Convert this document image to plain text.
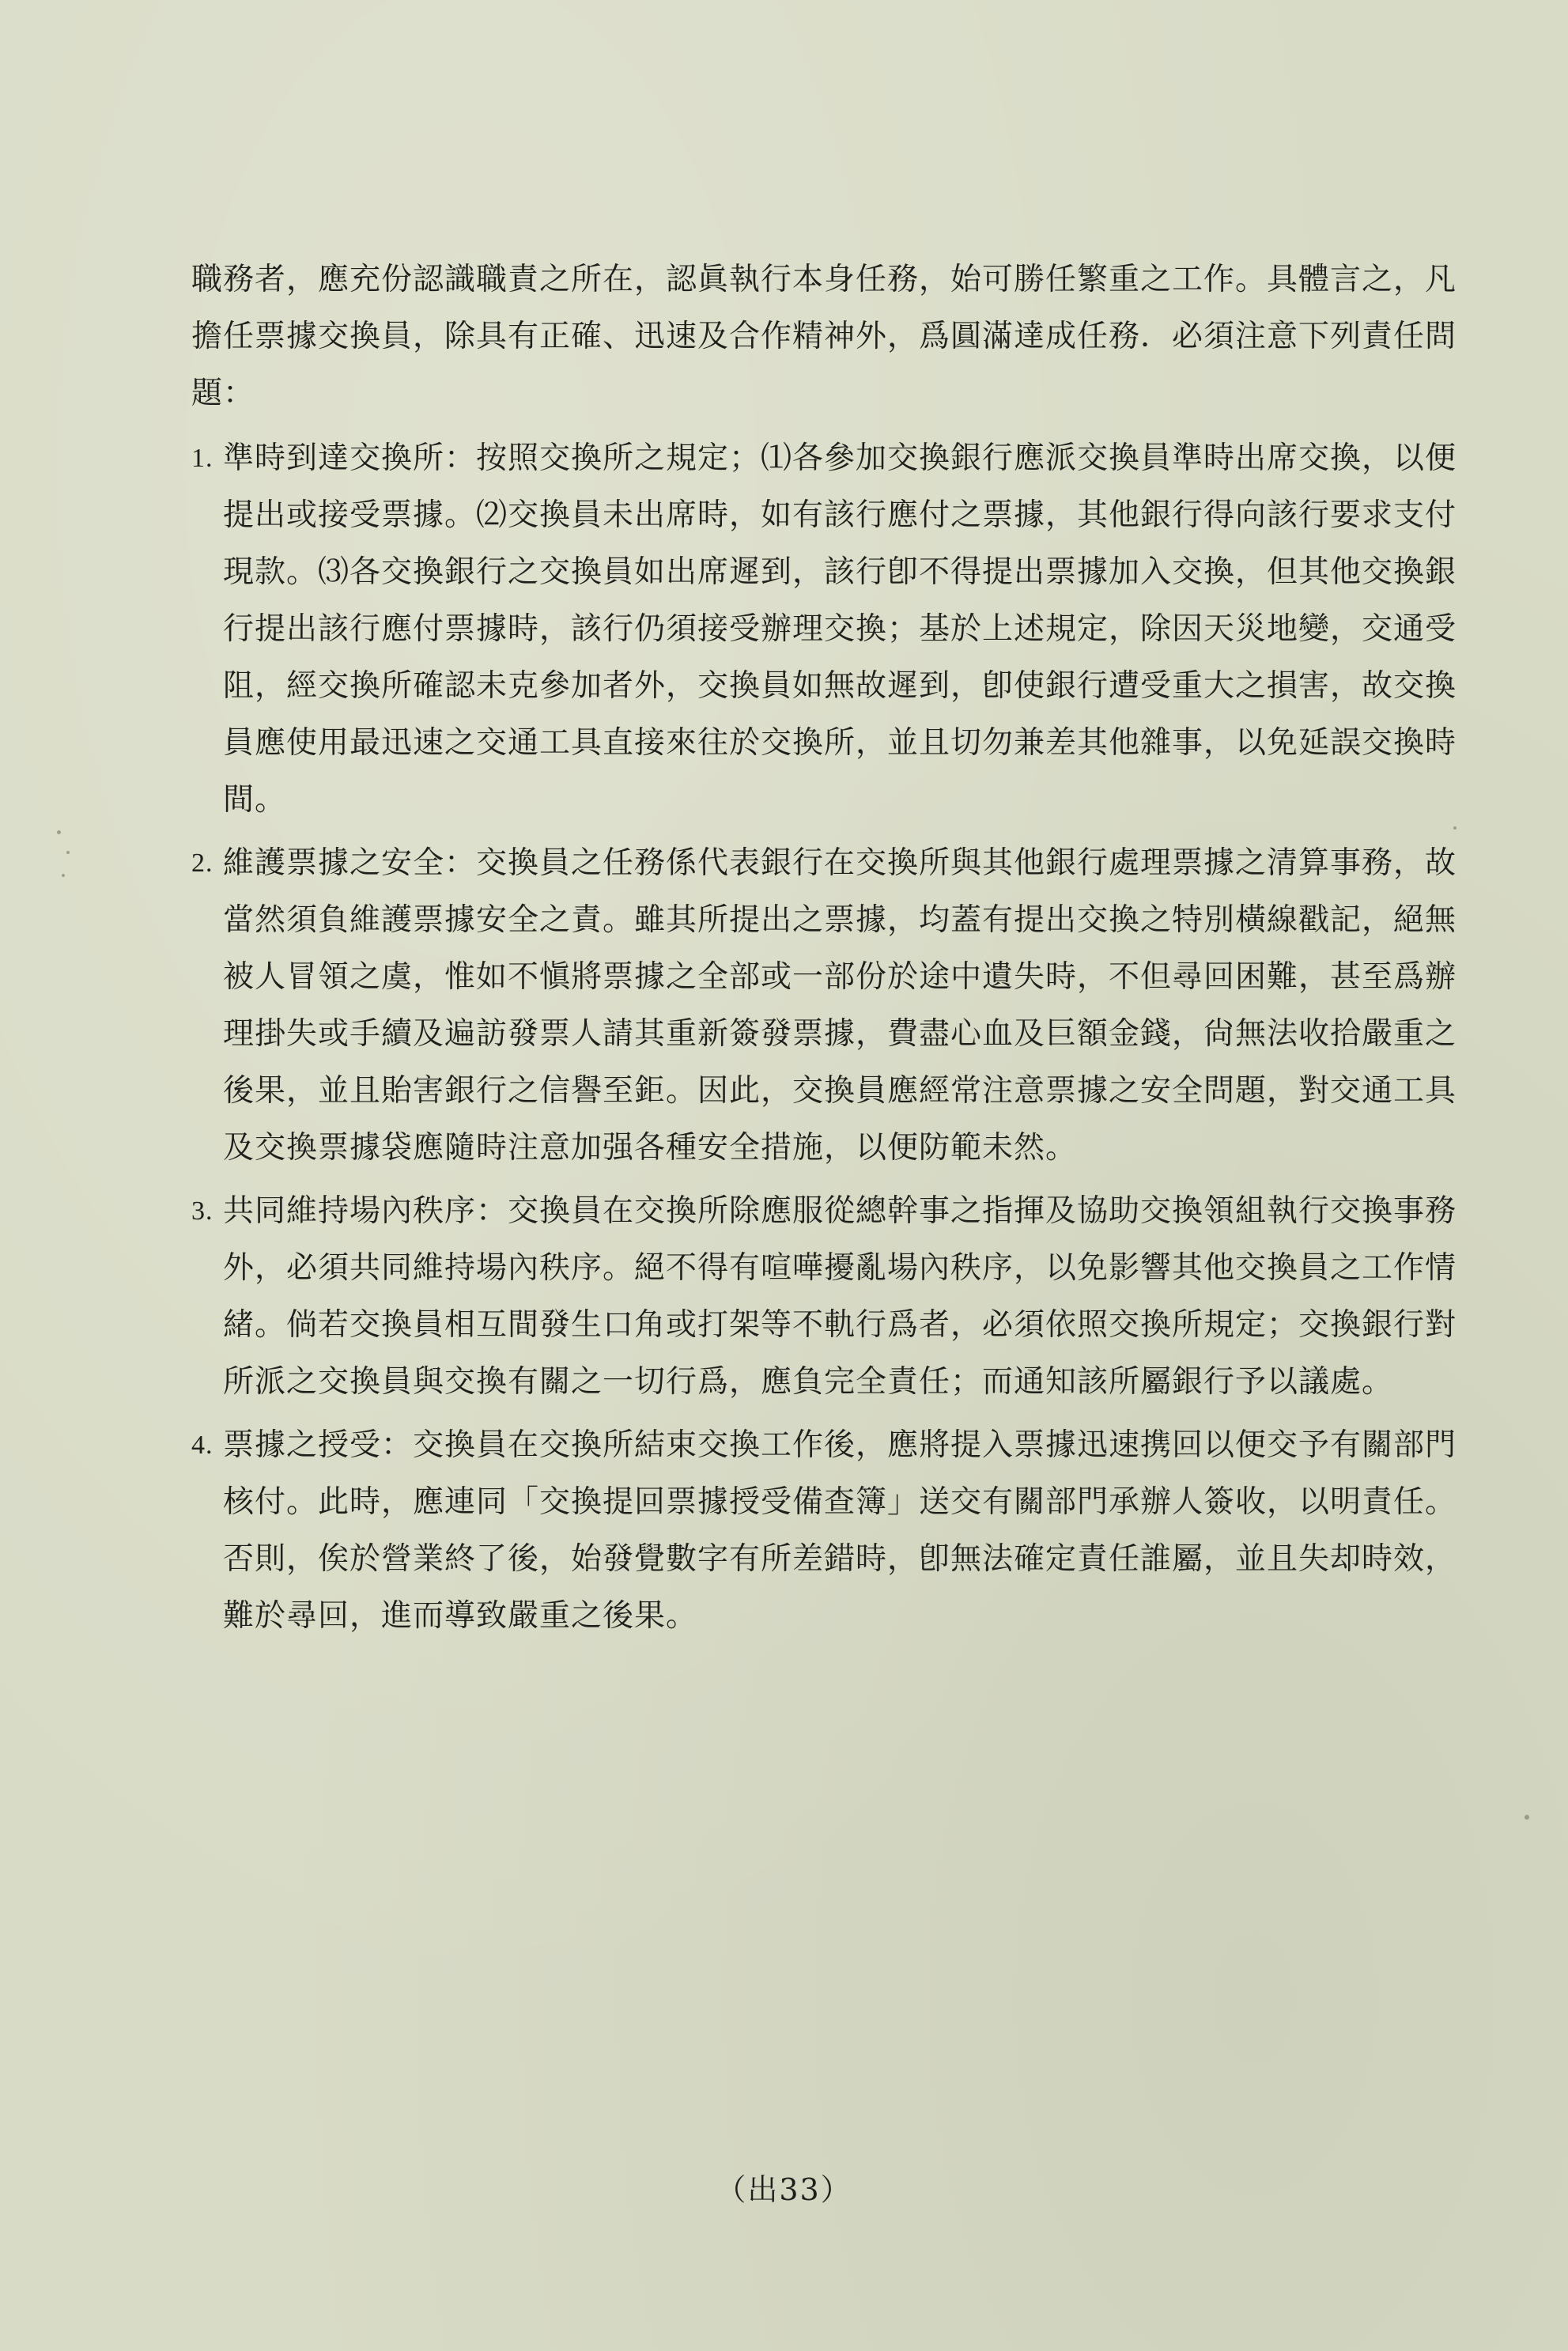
職務者，應充份認識職責之所在，認眞執行本身任務，始可勝任繁重之工作。具體言之，凡擔任票據交換員，除具有正確、迅速及合作精神外，爲圓滿達成任務．必須注意下列責任問題：

1. 準時到達交換所：按照交換所之規定；⑴各參加交換銀行應派交換員準時出席交換，以便提出或接受票據。⑵交換員未出席時，如有該行應付之票據，其他銀行得向該行要求支付現款。⑶各交換銀行之交換員如出席遲到，該行卽不得提出票據加入交換，但其他交換銀行提出該行應付票據時，該行仍須接受辦理交換；基於上述規定，除因天災地變，交通受阻，經交換所確認未克參加者外，交換員如無故遲到，卽使銀行遭受重大之損害，故交換員應使用最迅速之交通工具直接來往於交換所，並且切勿兼差其他雜事，以免延誤交換時間。

2. 維護票據之安全：交換員之任務係代表銀行在交換所與其他銀行處理票據之清算事務，故當然須負維護票據安全之責。雖其所提出之票據，均蓋有提出交換之特別橫線戳記，絕無被人冒領之虞，惟如不愼將票據之全部或一部份於途中遺失時，不但尋回困難，甚至爲辦理掛失或手續及遍訪發票人請其重新簽發票據，費盡心血及巨額金錢，尙無法收拾嚴重之後果，並且貽害銀行之信譽至鉅。因此，交換員應經常注意票據之安全問題，對交通工具及交換票據袋應隨時注意加强各種安全措施，以便防範未然。

3. 共同維持場內秩序：交換員在交換所除應服從總幹事之指揮及協助交換領組執行交換事務外，必須共同維持場內秩序。絕不得有喧嘩擾亂場內秩序，以免影響其他交換員之工作情緒。倘若交換員相互間發生口角或打架等不軌行爲者，必須依照交換所規定；交換銀行對所派之交換員與交換有關之一切行爲，應負完全責任；而通知該所屬銀行予以議處。

4. 票據之授受：交換員在交換所結束交換工作後，應將提入票據迅速携回以便交予有關部門核付。此時，應連同「交換提回票據授受備查簿」送交有關部門承辦人簽收，以明責任。否則，俟於營業終了後，始發覺數字有所差錯時，卽無法確定責任誰屬，並且失却時效，難於尋回，進而導致嚴重之後果。

（出33）
